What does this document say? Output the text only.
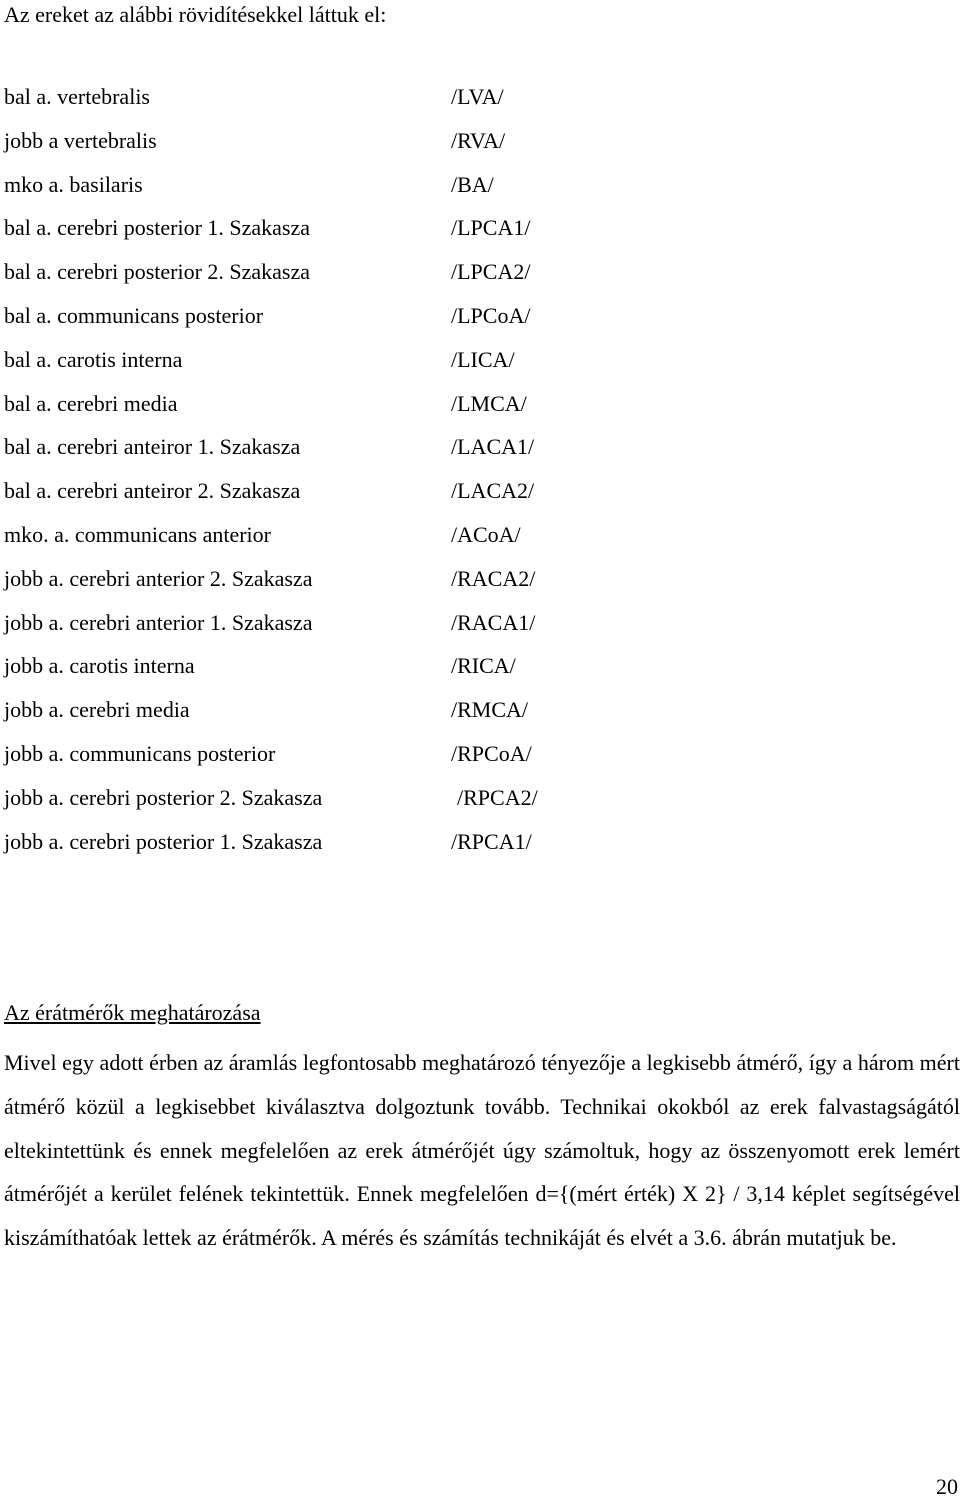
Az ereket az alábbi rövidítésekkel láttuk el:
bal a. vertebralis	/LVA/
jobb a vertebralis	/RVA/
mko a. basilaris	/BA/
bal a. cerebri posterior 1. Szakasza	/LPCA1/
bal a. cerebri posterior 2. Szakasza	/LPCA2/
bal a. communicans posterior	/LPCoA/
bal a. carotis interna	/LICA/
bal a. cerebri media	/LMCA/
bal a. cerebri anteiror 1. Szakasza	/LACA1/
bal a. cerebri anteiror 2. Szakasza	/LACA2/
mko. a. communicans anterior	/ACoA/
jobb a. cerebri anterior 2. Szakasza	/RACA2/
jobb a. cerebri anterior 1. Szakasza	/RACA1/
jobb a. carotis interna	/RICA/
jobb a. cerebri media	/RMCA/
jobb a. communicans posterior	/RPCoA/
jobb a. cerebri posterior 2. Szakasza	/RPCA2/
jobb a. cerebri posterior 1. Szakasza	/RPCA1/
Az érátmérők meghatározása

Mivel egy adott érben az áramlás legfontosabb meghatározó tényezője a legkisebb átmérő, így a három mért átmérő közül a legkisebbet kiválasztva dolgoztunk tovább. Technikai okokból az erek falvastagságától eltekintettünk és ennek megfelelően az erek átmérőjét úgy számoltuk, hogy az összenyomott erek lemért átmérőjét a kerület felének tekintettük. Ennek megfelelően d={(mért érték) X 2} / 3,14 képlet segítségével kiszámíthatóak lettek az érátmérők. A mérés és számítás technikáját és elvét a 3.6. ábrán mutatjuk be.

20
